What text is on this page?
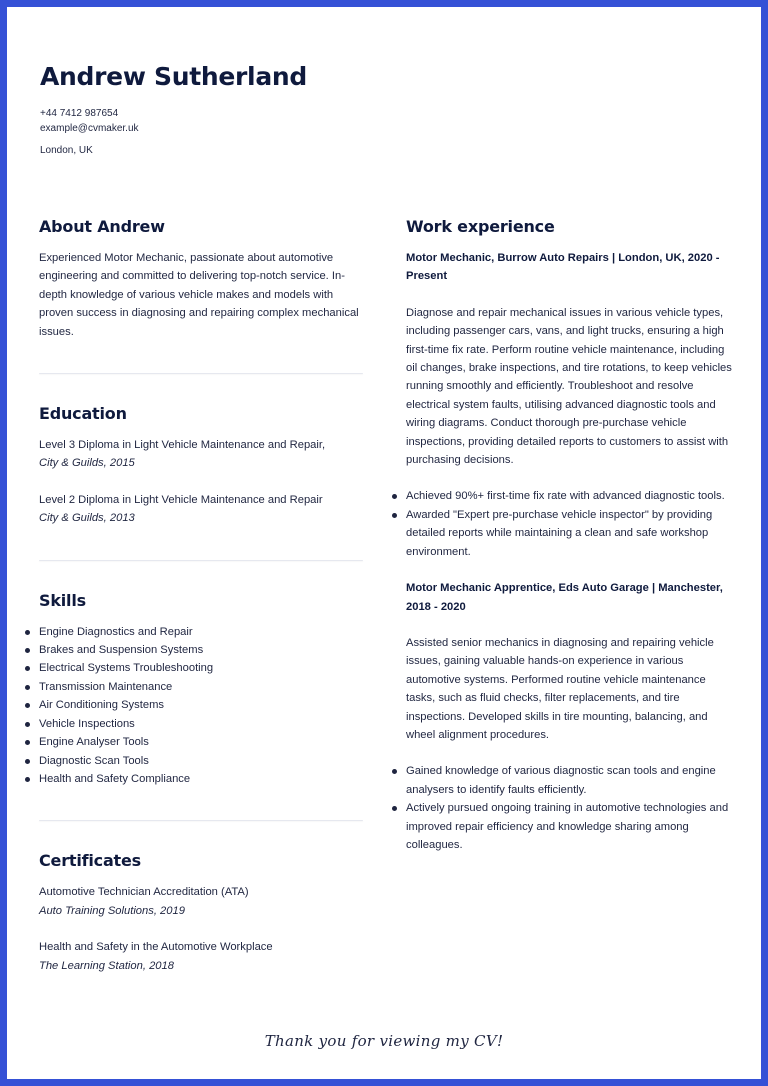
Andrew Sutherland
+44 7412 987654
example@cvmaker.uk
London, UK
About Andrew

Experienced Motor Mechanic, passionate about automotive engineering and committed to delivering top-notch service. In-depth knowledge of various vehicle makes and models with proven success in diagnosing and repairing complex mechanical issues.

Education
Level 3 Diploma in Light Vehicle Maintenance and Repair,
City & Guilds, 2015
Level 2 Diploma in Light Vehicle Maintenance and Repair
City & Guilds, 2013
Skills
Engine Diagnostics and Repair
Brakes and Suspension Systems
Electrical Systems Troubleshooting
Transmission Maintenance
Air Conditioning Systems
Vehicle Inspections
Engine Analyser Tools
Diagnostic Scan Tools
Health and Safety Compliance
Certificates
Automotive Technician Accreditation (ATA)
Auto Training Solutions, 2019
Health and Safety in the Automotive Workplace
The Learning Station, 2018
Work experience
Motor Mechanic, Burrow Auto Repairs | London, UK, 2020 - Present

Diagnose and repair mechanical issues in various vehicle types, including passenger cars, vans, and light trucks, ensuring a high first-time fix rate. Perform routine vehicle maintenance, including oil changes, brake inspections, and tire rotations, to keep vehicles running smoothly and efficiently. Troubleshoot and resolve electrical system faults, utilising advanced diagnostic tools and wiring diagrams. Conduct thorough pre-purchase vehicle inspections, providing detailed reports to customers to assist with purchasing decisions.

Achieved 90%+ first-time fix rate with advanced diagnostic tools.
Awarded "Expert pre-purchase vehicle inspector" by providing detailed reports while maintaining a clean and safe workshop environment.
Motor Mechanic Apprentice, Eds Auto Garage | Manchester, 2018 - 2020

Assisted senior mechanics in diagnosing and repairing vehicle issues, gaining valuable hands-on experience in various automotive systems. Performed routine vehicle maintenance tasks, such as fluid checks, filter replacements, and tire inspections. Developed skills in tire mounting, balancing, and wheel alignment procedures.

Gained knowledge of various diagnostic scan tools and engine analysers to identify faults efficiently.
Actively pursued ongoing training in automotive technologies and improved repair efficiency and knowledge sharing among colleagues.
Thank you for viewing my CV!
